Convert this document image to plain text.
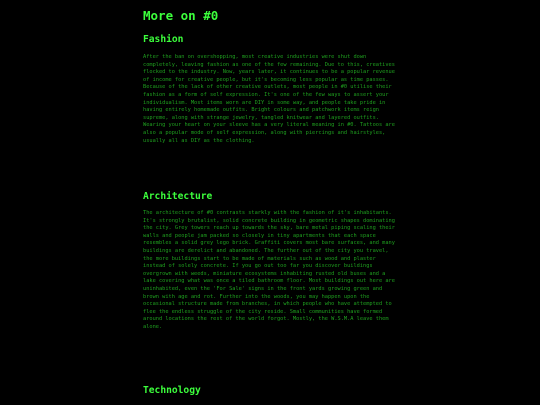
More on #0
Fashion

After the ban on overshopping, most creative industries were shut down completely, leaving fashion as one of the few remaining. Due to this, creatives flocked to the industry. Now, years later, it continues to be a popular revenue of income for creative people, but it's becoming less popular as time passes. Because of the lack of other creative outlets, most people in #0 utilise their fashion as a form of self expression. It's one of the few ways to assert your individualism. Most items worn are DIY in some way, and people take pride in having entirely homemade outfits. Bright colours and patchwork items reign supreme, along with strange jewelry, tangled knitwear and layered outfits. Wearing your heart on your sleeve has a very literal meaning in #0. Tattoos are also a popular mode of self expression, along with piercings and hairstyles, usually all as DIY as the clothing.

Architecture

The architecture of #0 contrasts starkly with the fashion of it's inhabitants. It's strongly brutalist, solid concrete building in geometric shapes dominating the city. Grey towers reach up towards the sky, bare metal piping scaling their walls and people jam packed so closely in tiny apartments that each space resembles a solid grey lego brick. Graffiti covers most bare surfaces, and many buildings are derelict and abandoned. The further out of the city you travel, the more buildings start to be made of materials such as wood and plaster instead of solely concrete. If you go out too far you discover buildings overgrown with weeds, miniature ecosystems inhabiting rusted old buses and a lake covering what was once a tiled bathroom floor. Most buildings out here are uninhabited, even the 'For Sale' signs in the front yards growing green and brown with age and rot. Further into the woods, you may happen upon the occasional structure made from branches, in which people who have attempted to flee the endless struggle of the city reside. Small communities have formed around locations the rest of the world forgot. Mostly, the W.S.M.A leave them alone.

Technology
